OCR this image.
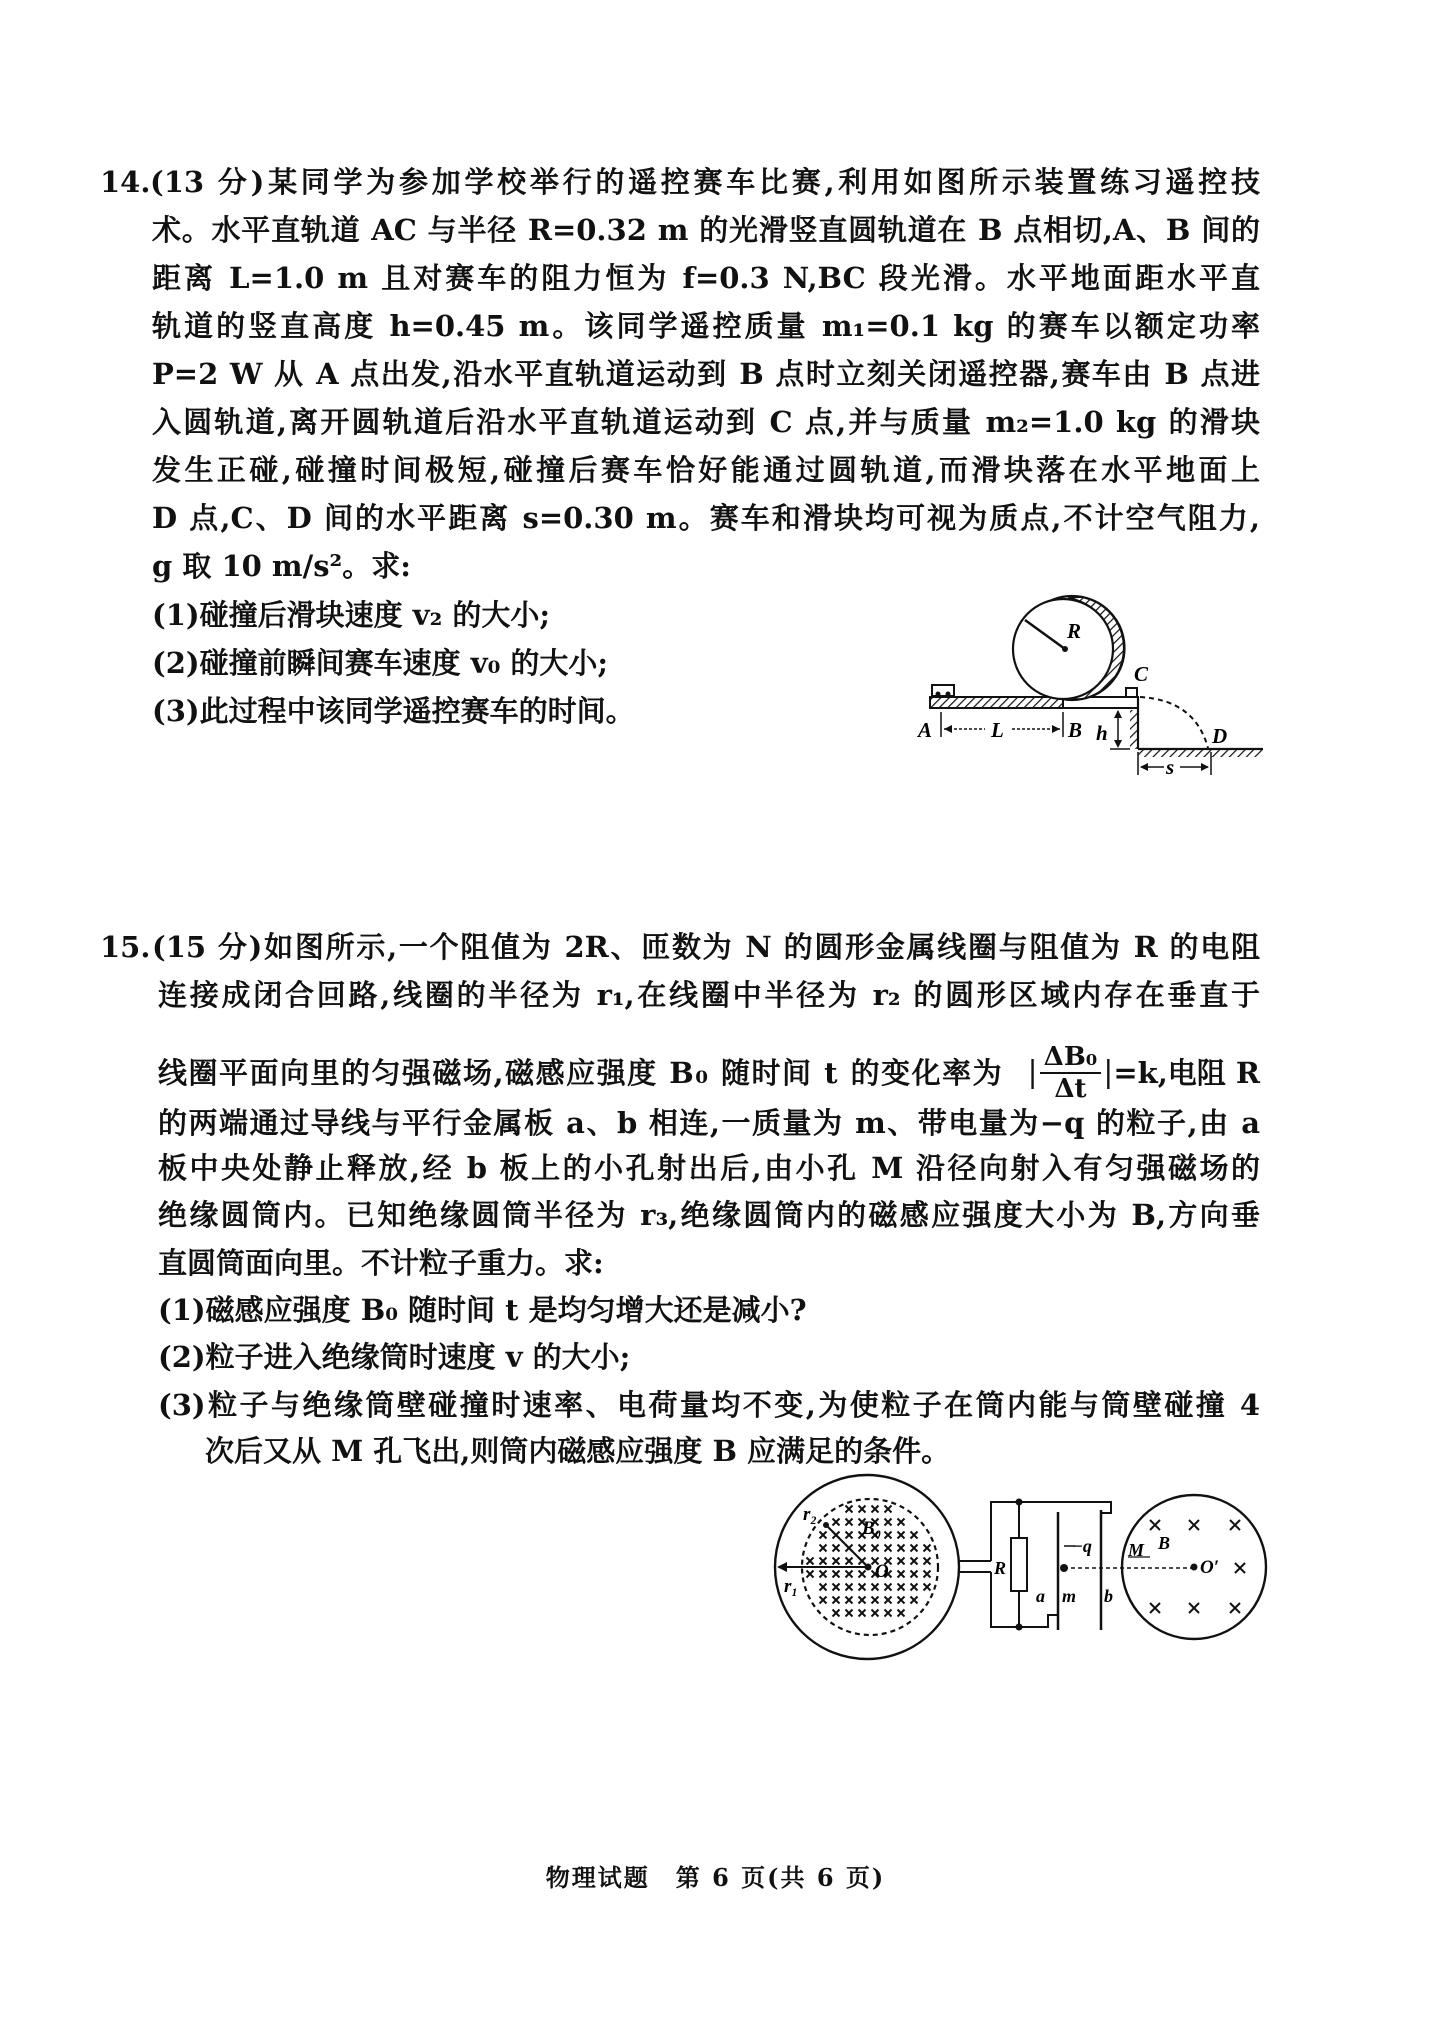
14. (13 分)某同学为参加学校举行的遥控赛车比赛,利用如图所示装置练习遥控技
术。水平直轨道 AC 与半径 R=0.32 m 的光滑竖直圆轨道在 B 点相切,A、B 间的
距离 L=1.0 m 且对赛车的阻力恒为 f=0.3 N,BC 段光滑。水平地面距水平直
轨道的竖直高度 h=0.45 m。该同学遥控质量 m₁=0.1 kg 的赛车以额定功率
P=2 W 从 A 点出发,沿水平直轨道运动到 B 点时立刻关闭遥控器,赛车由 B 点进
入圆轨道,离开圆轨道后沿水平直轨道运动到 C 点,并与质量 m₂=1.0 kg 的滑块
发生正碰,碰撞时间极短,碰撞后赛车恰好能通过圆轨道,而滑块落在水平地面上
D 点,C、D 间的水平距离 s=0.30 m。赛车和滑块均可视为质点,不计空气阻力,
g 取 10 m/s²。求:
(1)碰撞后滑块速度 v₂ 的大小;
(2)碰撞前瞬间赛车速度 v₀ 的大小;
(3)此过程中该同学遥控赛车的时间。
A	L	B h
C
D
R
s
15. (15 分)如图所示,一个阻值为 2R、匝数为 N 的圆形金属线圈与阻值为 R 的电阻
连接成闭合回路,线圈的半径为 r₁,在线圈中半径为 r₂ 的圆形区域内存在垂直于
线圈平面向里的匀强磁场,磁感应强度 B₀ 随时间 t 的变化率为 | $\frac{\text{ΔB₀}}{\Delta t}$ | =k,电阻 R
的两端通过导线与平行金属板 a、b 相连,一质量为 m、带电量为−q 的粒子,由 a
板中央处静止释放,经 b 板上的小孔射出后,由小孔 M 沿径向射入有匀强磁场的
绝缘圆筒内。已知绝缘圆筒半径为 r₃,绝缘圆筒内的磁感应强度大小为 B,方向垂
直圆筒面向里。不计粒子重力。求:
(1)磁感应强度 B₀ 随时间 t 是均匀增大还是减小?
(2)粒子进入绝缘筒时速度 v 的大小;
(3)粒子与绝缘筒壁碰撞时速率、电荷量均不变,为使粒子在筒内能与筒壁碰撞 4
次后又从 M 孔飞出,则筒内磁感应强度 B 应满足的条件。
r₂
B₀
O
r₁
R
−q
a m b
M B
O′
物理试题　第 6 页(共 6 页)
